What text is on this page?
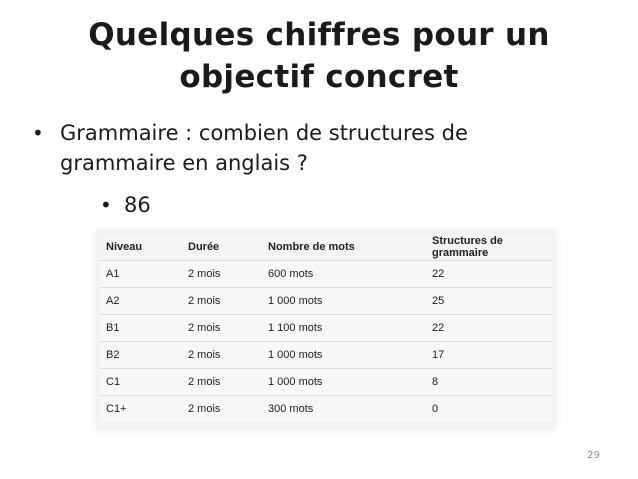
Quelques chiffres pour un
objectif concret
• Grammaire : combien de structures de grammaire en anglais ?
• 86
Niveau	Durée	Nombre de mots	Structures de grammaire
A1	2 mois	600 mots	22
A2	2 mois	1 000 mots	25
B1	2 mois	1 100 mots	22
B2	2 mois	1 000 mots	17
C1	2 mois	1 000 mots	8
C1+	2 mois	300 mots	0
29
